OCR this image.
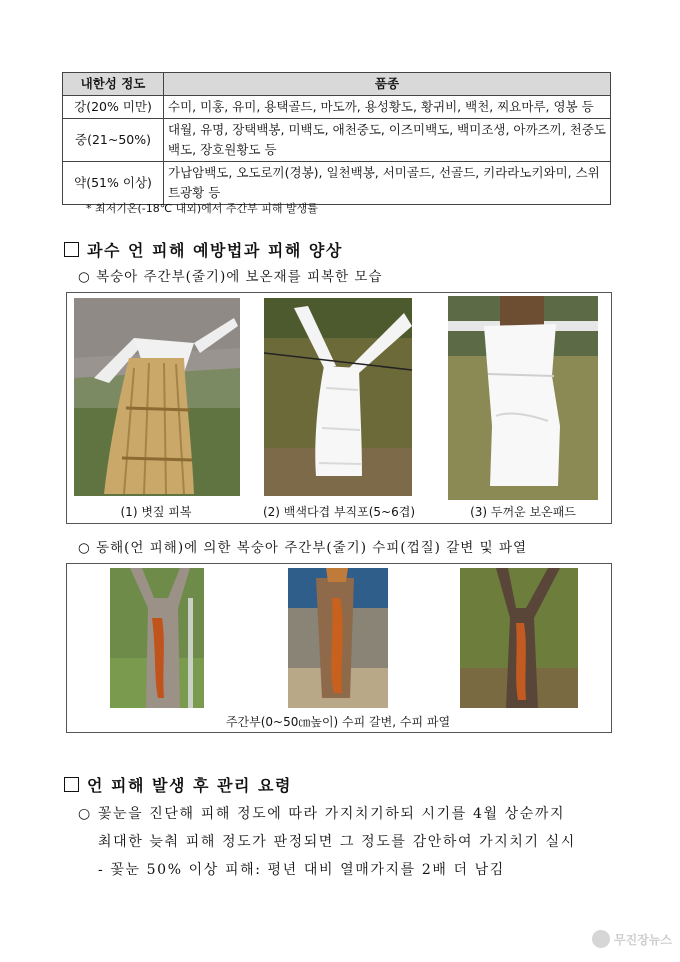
내한성 정도	품종
강(20% 미만)	수미, 미홍, 유미, 용택골드, 마도까, 용성황도, 황귀비, 백천, 찌요마루, 영봉 등
중(21~50%)	대월, 유명, 장택백봉, 미백도, 애천중도, 이즈미백도, 백미조생, 아까즈끼, 천중도백도, 장호원황도 등
약(51% 이상)	가납암백도, 오도로끼(경봉), 일천백봉, 서미골드, 선골드, 키라라노키와미, 스위트광황 등
* 최저기온(-18℃ 내외)에서 주간부 피해 발생률
과수 언 피해 예방법과 피해 양상
○ 복숭아 주간부(줄기)에 보온재를 피복한 모습
(1) 볏짚 피복	(2) 백색다겹 부직포(5~6겹)	(3) 두꺼운 보온패드
○ 동해(언 피해)에 의한 복숭아 주간부(줄기) 수피(껍질) 갈변 및 파열
주간부(0~50㎝높이) 수피 갈변, 수피 파열
언 피해 발생 후 관리 요령
○ 꽃눈을 진단해 피해 정도에 따라 가지치기하되 시기를 4월 상순까지
최대한 늦춰 피해 정도가 판정되면 그 정도를 감안하여 가지치기 실시
- 꽃눈 50% 이상 피해: 평년 대비 열매가지를 2배 더 남김
무진장뉴스
